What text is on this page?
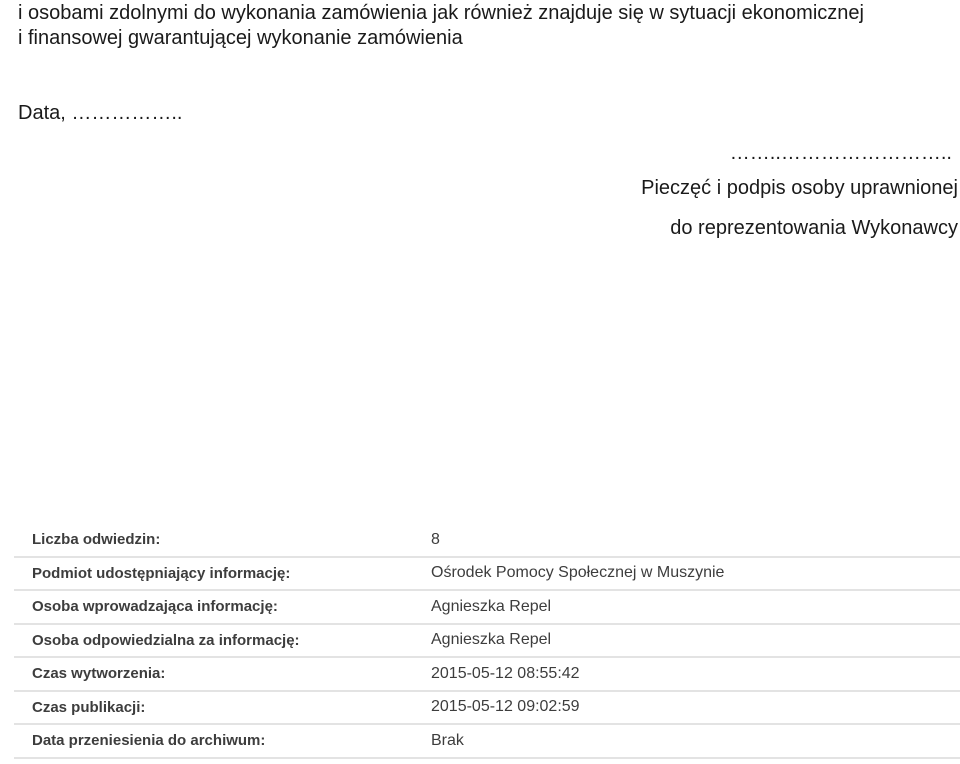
i osobami zdolnymi do wykonania zamówienia jak również znajduje się w sytuacji ekonomicznej
i finansowej gwarantującej wykonanie zamówienia
Data, ……………..
……..……………………..
Pieczęć i podpis osoby uprawnionej
do reprezentowania Wykonawcy
Liczba odwiedzin:	8
Podmiot udostępniający informację:	Ośrodek Pomocy Społecznej w Muszynie
Osoba wprowadzająca informację:	Agnieszka Repel
Osoba odpowiedzialna za informację:	Agnieszka Repel
Czas wytworzenia:	2015-05-12 08:55:42
Czas publikacji:	2015-05-12 09:02:59
Data przeniesienia do archiwum:	Brak
